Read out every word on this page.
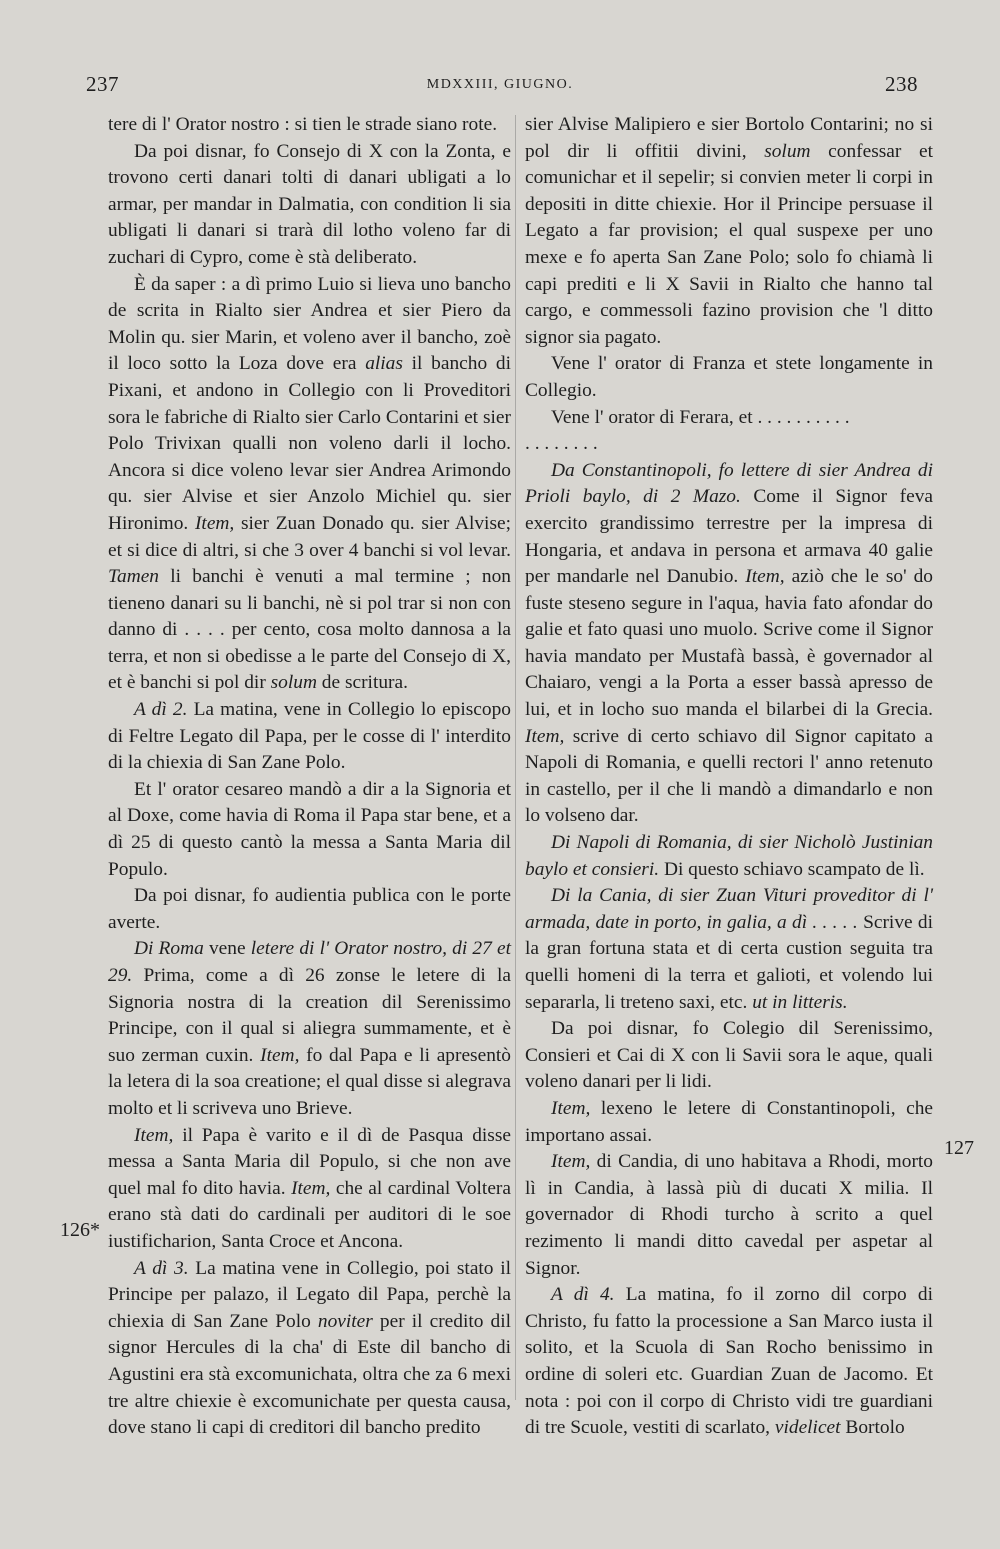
237	MDXXIII, GIUGNO.	238

tere di l' Orator nostro : si tien le strade siano rote.

Da poi disnar, fo Consejo di X con la Zonta, e trovono certi danari tolti di danari ubligati a lo armar, per mandar in Dalmatia, con condition li sia ubligati li danari si trarà dil lotho voleno far di zuchari di Cypro, come è stà deliberato.

È da saper : a dì primo Luio si lieva uno bancho de scrita in Rialto sier Andrea et sier Piero da Molin qu. sier Marin, et voleno aver il bancho, zoè il loco sotto la Loza dove era alias il bancho di Pixani, et andono in Collegio con li Proveditori sora le fabriche di Rialto sier Carlo Contarini et sier Polo Trivixan qualli non voleno darli il locho. Ancora si dice voleno levar sier Andrea Arimondo qu. sier Alvise et sier Anzolo Michiel qu. sier Hironimo. Item, sier Zuan Donado qu. sier Alvise; et si dice di altri, si che 3 over 4 banchi si vol levar. Tamen li banchi è venuti a mal termine ; non tieneno danari su li banchi, nè si pol trar si non con danno di . . . . per cento, cosa molto dannosa a la terra, et non si obedisse a le parte del Consejo di X, et è banchi si pol dir solum de scritura.

A dì 2. La matina, vene in Collegio lo episcopo di Feltre Legato dil Papa, per le cosse di l' interdito di la chiexia di San Zane Polo.

Et l' orator cesareo mandò a dir a la Signoria et al Doxe, come havia di Roma il Papa star bene, et a dì 25 di questo cantò la messa a Santa Maria dil Populo.

Da poi disnar, fo audientia publica con le porte averte.

Di Roma vene letere di l' Orator nostro, di 27 et 29. Prima, come a dì 26 zonse le letere di la Signoria nostra di la creation dil Serenissimo Principe, con il qual si aliegra summamente, et è suo zerman cuxin. Item, fo dal Papa e li apresentò la letera di la soa creatione; el qual disse si alegrava molto et li scriveva uno Brieve.

Item, il Papa è varito e il dì de Pasqua disse messa a Santa Maria dil Populo, si che non ave quel mal fo dito havia. Item, che al cardinal Voltera erano stà dati do cardinali per auditori di le soe iustificharion, Santa Croce et Ancona.

A dì 3. La matina vene in Collegio, poi stato il Principe per palazo, il Legato dil Papa, perchè la chiexia di San Zane Polo noviter per il credito dil signor Hercules di la cha' di Este dil bancho di Agustini era stà excomunichata, oltra che za 6 mexi tre altre chiexie è excomunichate per questa causa, dove stano li capi di creditori dil bancho predito

sier Alvise Malipiero e sier Bortolo Contarini; no si pol dir li offitii divini, solum confessar et comunichar et il sepelir; si convien meter li corpi in depositi in ditte chiexie. Hor il Principe persuase il Legato a far provision; el qual suspexe per uno mexe e fo aperta San Zane Polo; solo fo chiamà li capi prediti e li X Savii in Rialto che hanno tal cargo, e commessoli fazino provision che 'l ditto signor sia pagato.

Vene l' orator di Franza et stete longamente in Collegio.

Vene l' orator di Ferara, et . . . . . . . . . .

. . . . . . . .

Da Constantinopoli, fo lettere di sier Andrea di Prioli baylo, di 2 Mazo. Come il Signor feva exercito grandissimo terrestre per la impresa di Hongaria, et andava in persona et armava 40 galie per mandarle nel Danubio. Item, aziò che le so' do fuste steseno segure in l'aqua, havia fato afondar do galie et fato quasi uno muolo. Scrive come il Signor havia mandato per Mustafà bassà, è governador al Chaiaro, vengi a la Porta a esser bassà apresso de lui, et in locho suo manda el bilarbei di la Grecia. Item, scrive di certo schiavo dil Signor capitato a Napoli di Romania, e quelli rectori l' anno retenuto in castello, per il che li mandò a dimandarlo e non lo volseno dar.

Di Napoli di Romania, di sier Nicholò Justinian baylo et consieri. Di questo schiavo scampato de lì.

Di la Cania, di sier Zuan Vituri proveditor di l' armada, date in porto, in galia, a dì . . . . . Scrive di la gran fortuna stata et di certa custion seguita tra quelli homeni di la terra et galioti, et volendo lui separarla, li treteno saxi, etc. ut in litteris.

Da poi disnar, fo Colegio dil Serenissimo, Consieri et Cai di X con li Savii sora le aque, quali voleno danari per li lidi.

Item, lexeno le letere di Constantinopoli, che importano assai.

Item, di Candia, di uno habitava a Rhodi, morto lì in Candia, à lassà più di ducati X milia. Il governador di Rhodi turcho à scrito a quel rezimento li mandi ditto cavedal per aspetar al Signor.

A dì 4. La matina, fo il zorno dil corpo di Christo, fu fatto la processione a San Marco iusta il solito, et la Scuola di San Rocho benissimo in ordine di soleri etc. Guardian Zuan de Jacomo. Et nota : poi con il corpo di Christo vidi tre guardiani di tre Scuole, vestiti di scarlato, videlicet Bortolo

126*
127
